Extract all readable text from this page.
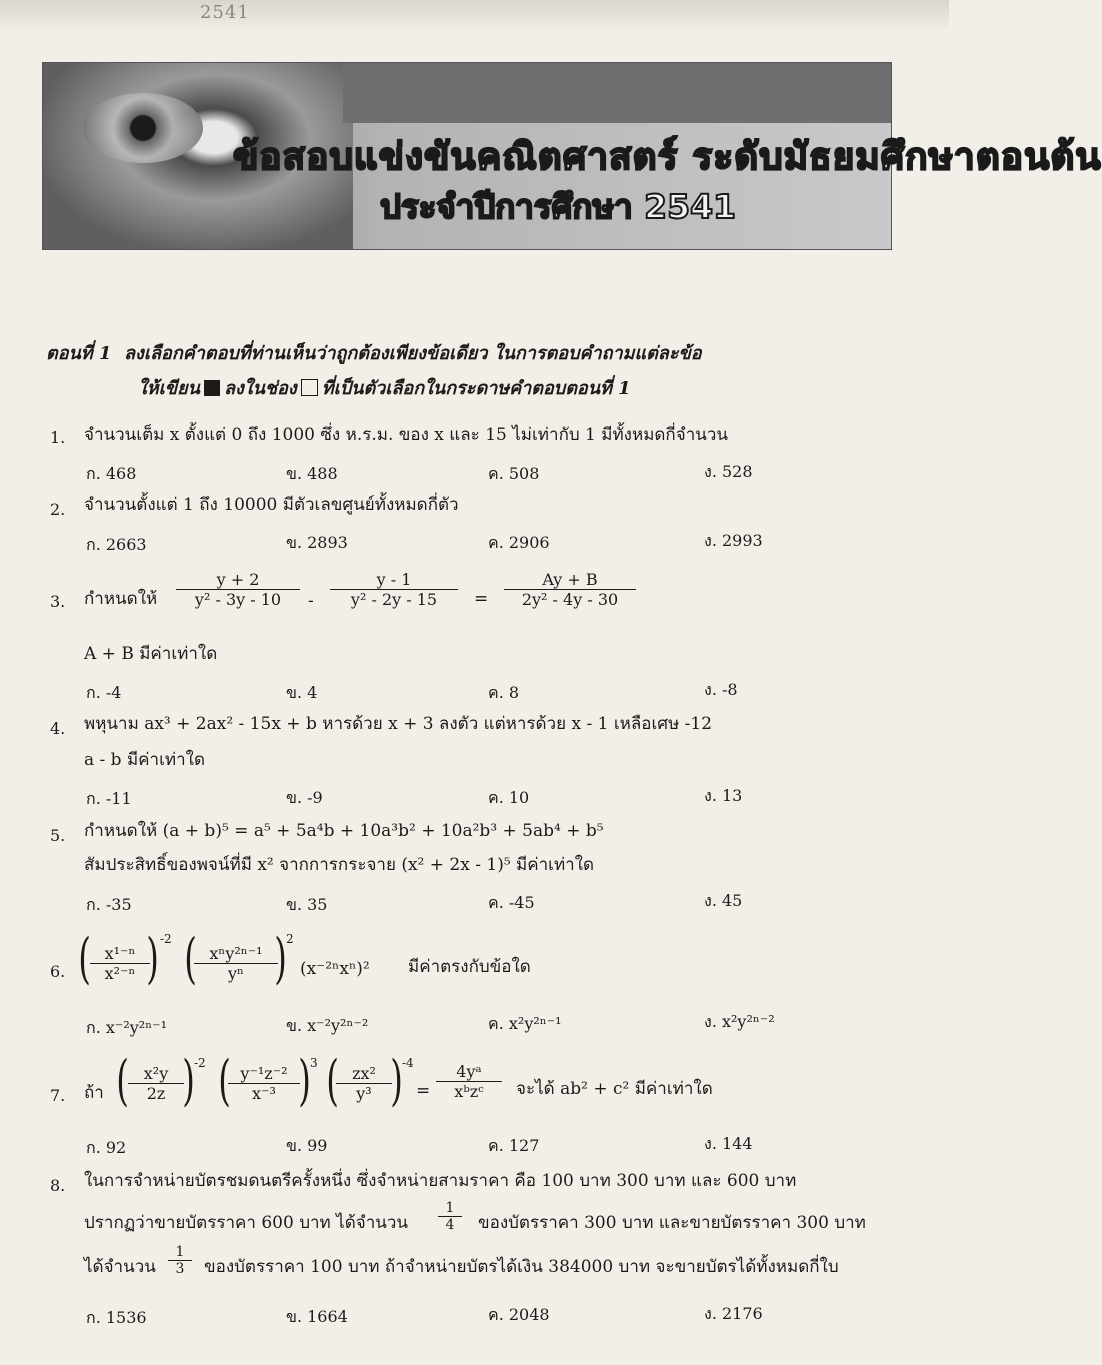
2541
ข้อสอบแข่งขันคณิตศาสตร์ ระดับมัธยมศึกษาตอนต้น
ประจำปีการศึกษา 2541
ตอนที่ 1 ลงเลือกคำตอบที่ท่านเห็นว่าถูกต้องเพียงข้อเดียว ในการตอบคำถามแต่ละข้อ
ให้เขียน ลงในช่อง ที่เป็นตัวเลือกในกระดาษคำตอบตอนที่ 1
1. จำนวนเต็ม x ตั้งแต่ 0 ถึง 1000 ซึ่ง ห.ร.ม. ของ x และ 15 ไม่เท่ากับ 1 มีทั้งหมดกี่จำนวน
ก. 468	ข. 488	ค. 508	ง. 528
2. จำนวนตั้งแต่ 1 ถึง 10000 มีตัวเลขศูนย์ทั้งหมดกี่ตัว
ก. 2663	ข. 2893	ค. 2906	ง. 2993
3. กำหนดให้ $\frac{y + 2}{\text{y² - 3y - 10}} - \frac{y - 1}{\text{y² - 2y - 15}} = \frac{Ay + B}{\text{2y² - 4y - 30}}$
A + B มีค่าเท่าใด
ก. -4	ข. 4	ค. 8	ง. -8
4. พหุนาม ax³ + 2ax² - 15x + b หารด้วย x + 3 ลงตัว แต่หารด้วย x - 1 เหลือเศษ -12
a - b มีค่าเท่าใด
ก. -11	ข. -9	ค. 10	ง. 13
5. กำหนดให้ (a + b)⁵ = a⁵ + 5a⁴b + 10a³b² + 10a²b³ + 5ab⁴ + b⁵
สัมประสิทธิ์ของพจน์ที่มี x² จากการกระจาย (x² + 2x - 1)⁵ มีค่าเท่าใด
ก. -35	ข. 35	ค. -45	ง. 45
6. ( $\frac{\text{x¹⁻ⁿ}}{\text{x²⁻ⁿ}}$
) -2 ( xⁿy²ⁿ⁻¹
yⁿ ) 2
(x⁻²ⁿxⁿ)² มีค่าตรงกับข้อใด
ก. x⁻²y²ⁿ⁻¹	ข. x⁻²y²ⁿ⁻²	ค. x²y²ⁿ⁻¹	ง. x²y²ⁿ⁻²
7. ถ้า ( $\frac{\text{x²y}}{2z}$
) -2 (
$\frac{\text{y⁻¹z⁻²}}{\text{x⁻³}}$
) 3 (
$\frac{\text{zx²}}{\text{y³}}$
) -4
=
4yᵃ
xᵇzᶜ	จะได้ ab² + c² มีค่าเท่าใด
ก. 92	ข. 99	ค. 127	ง. 144
8. ในการจำหน่ายบัตรชมดนตรีครั้งหนึ่ง ซึ่งจำหน่ายสามราคา คือ 100 บาท 300 บาท และ 600 บาท
ปรากฏว่าขายบัตรราคา 600 บาท ได้จำนวน $\frac{1}{4}$ ของบัตรราคา 300 บาท และขายบัตรราคา 300 บาท
ได้จำนวน $\frac{1}{3}$ ของบัตรราคา 100 บาท ถ้าจำหน่ายบัตรได้เงิน 384000 บาท จะขายบัตรได้ทั้งหมดกี่ใบ
ก. 1536	ข. 1664	ค. 2048	ง. 2176
